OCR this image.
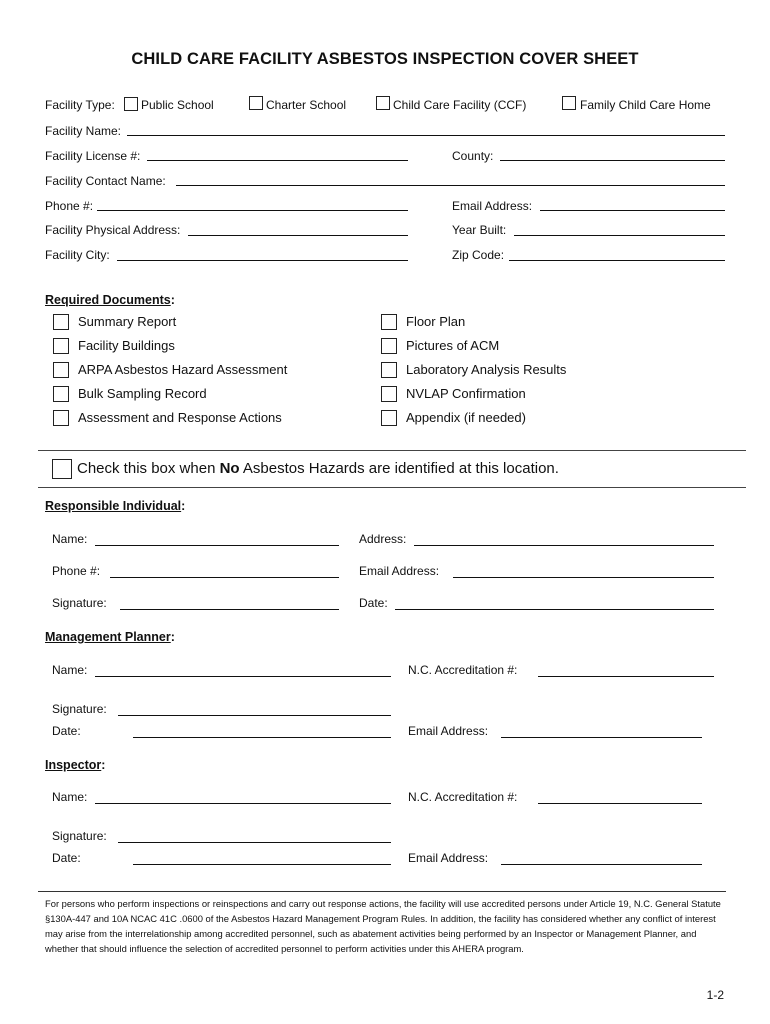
CHILD CARE FACILITY ASBESTOS INSPECTION COVER SHEET
Facility Type: Public School	Charter School	Child Care Facility (CCF)	Family Child Care Home
Facility Name:
Facility License #:	County:
Facility Contact Name:
Phone #:	Email Address:
Facility Physical Address:	Year Built:
Facility City:	Zip Code:
Required Documents:
Summary Report
Facility Buildings
ARPA Asbestos Hazard Assessment
Bulk Sampling Record
Assessment and Response Actions
Floor Plan
Pictures of ACM
Laboratory Analysis Results
NVLAP Confirmation
Appendix (if needed)
Check this box when No Asbestos Hazards are identified at this location.
Responsible Individual:
Name:	Address:
Phone #:	Email Address:
Signature:	Date:
Management Planner:
Name:	N.C. Accreditation #:
Signature:
Date:	Email Address:
Inspector:
Name:	N.C. Accreditation #:
Signature:
Date:	Email Address:
For persons who perform inspections or reinspections and carry out response actions, the facility will use accredited persons under Article 19, N.C. General Statute §130A-447 and 10A NCAC 41C .0600 of the Asbestos Hazard Management Program Rules. In addition, the facility has considered whether any conflict of interest may arise from the interrelationship among accredited personnel, such as abatement activities being performed by an Inspector or Management Planner, and whether that should influence the selection of accredited personnel to perform activities under this AHERA program.
1-2
